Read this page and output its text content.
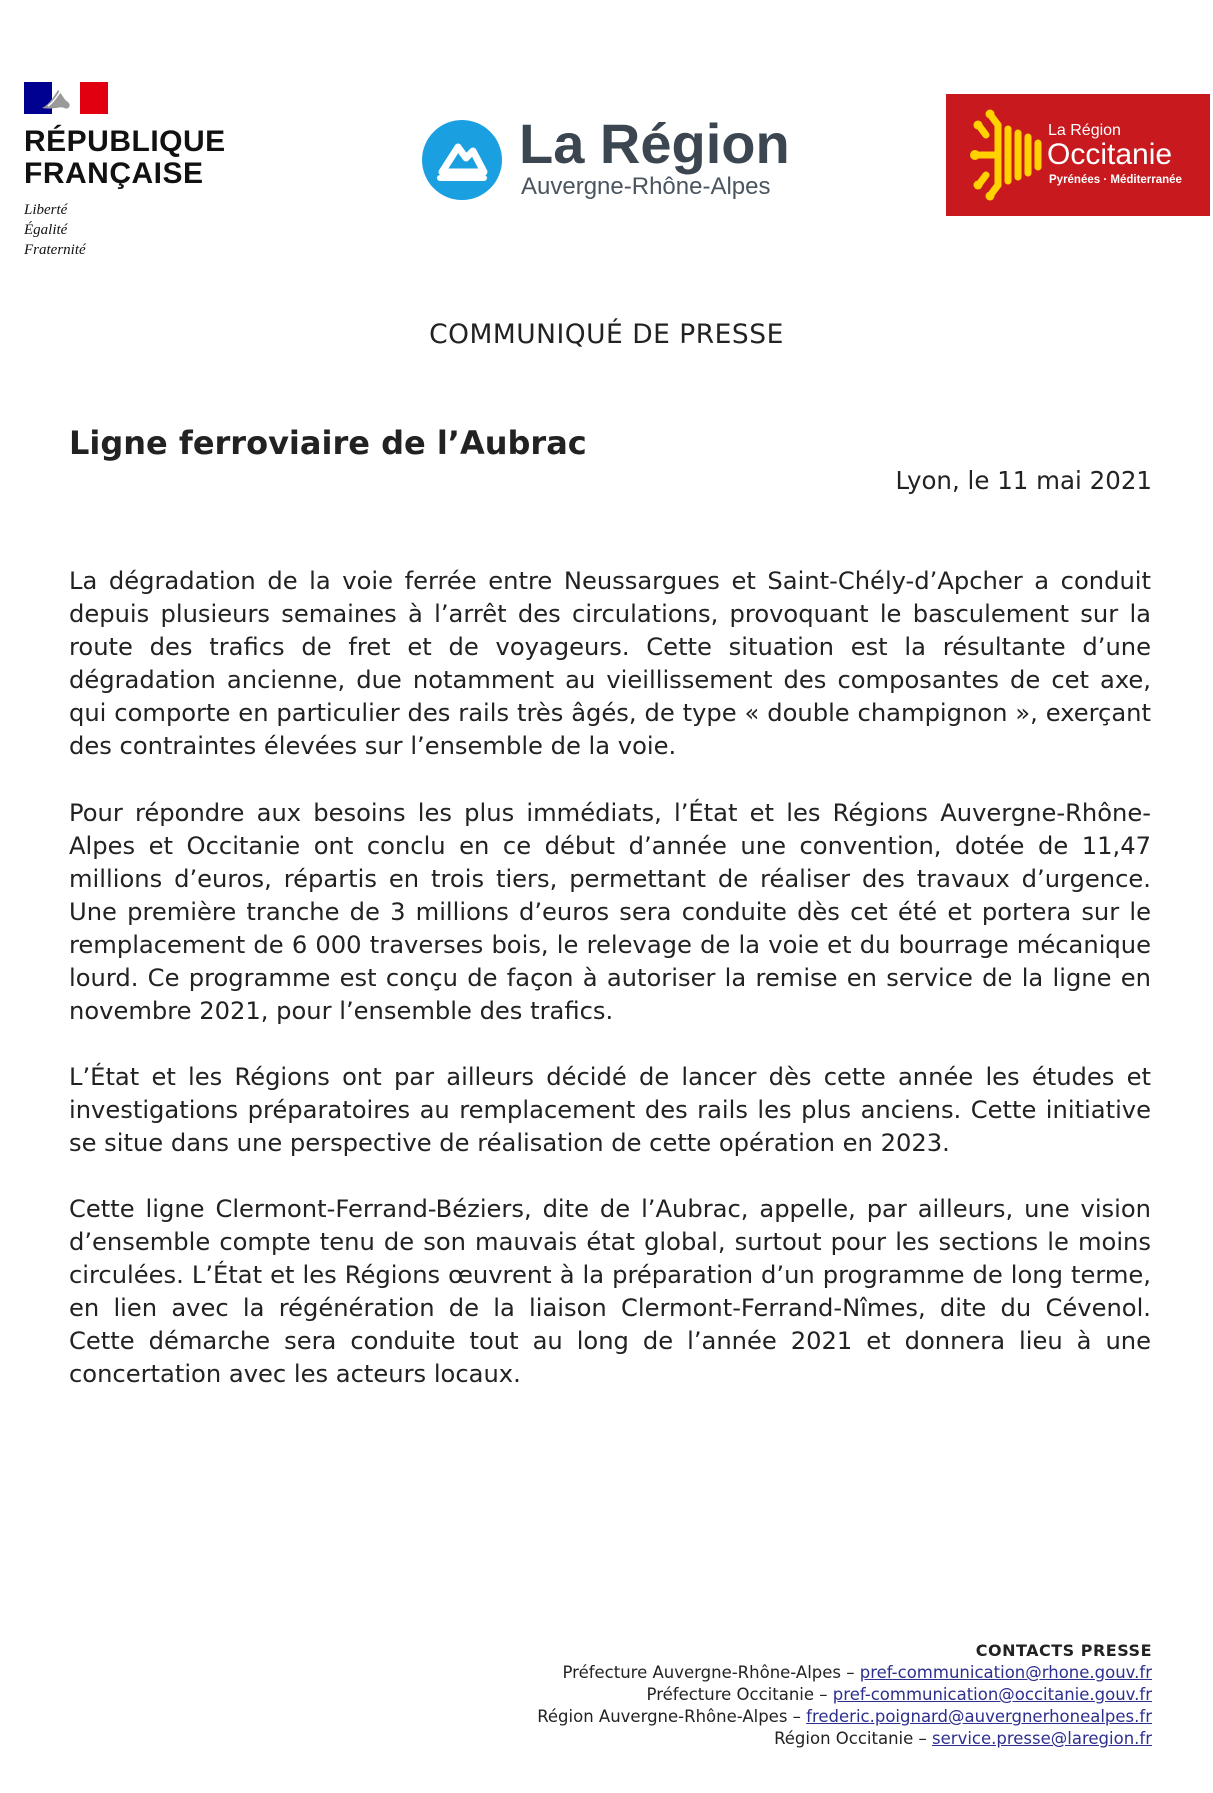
RÉPUBLIQUE
FRANÇAISE
Liberté
Égalité
Fraternité
La Région
Auvergne-Rhône-Alpes
La Région
Occitanie
Pyrénées · Méditerranée
COMMUNIQUÉ DE PRESSE
Ligne ferroviaire de l’Aubrac
Lyon, le 11 mai 2021

La dégradation de la voie ferrée entre Neussargues et Saint-Chély-d’Apcher a conduit depuis plusieurs semaines à l’arrêt des circulations, provoquant le basculement sur la route des trafics de fret et de voyageurs. Cette situation est la résultante d’une dégradation ancienne, due notamment au vieillissement des composantes de cet axe, qui comporte en particulier des rails très âgés, de type « double champignon », exerçant des contraintes élevées sur l’ensemble de la voie.

Pour répondre aux besoins les plus immédiats, l’État et les Régions Auvergne-Rhône-Alpes et Occitanie ont conclu en ce début d’année une convention, dotée de 11,47 millions d’euros, répartis en trois tiers, permettant de réaliser des travaux d’urgence. Une première tranche de 3 millions d’euros sera conduite dès cet été et portera sur le remplacement de 6 000 traverses bois, le relevage de la voie et du bourrage mécanique lourd. Ce programme est conçu de façon à autoriser la remise en service de la ligne en novembre 2021, pour l’ensemble des trafics.

L’État et les Régions ont par ailleurs décidé de lancer dès cette année les études et investigations préparatoires au remplacement des rails les plus anciens. Cette initiative se situe dans une perspective de réalisation de cette opération en 2023.

Cette ligne Clermont-Ferrand-Béziers, dite de l’Aubrac, appelle, par ailleurs, une vision d’ensemble compte tenu de son mauvais état global, surtout pour les sections le moins circulées. L’État et les Régions œuvrent à la préparation d’un programme de long terme, en lien avec la régénération de la liaison Clermont-Ferrand-Nîmes, dite du Cévenol. Cette démarche sera conduite tout au long de l’année 2021 et donnera lieu à une concertation avec les acteurs locaux.

CONTACTS PRESSE
Préfecture Auvergne-Rhône-Alpes – pref-communication@rhone.gouv.fr
Préfecture Occitanie – pref-communication@occitanie.gouv.fr
Région Auvergne-Rhône-Alpes – frederic.poignard@auvergnerhonealpes.fr
Région Occitanie – service.presse@laregion.fr
